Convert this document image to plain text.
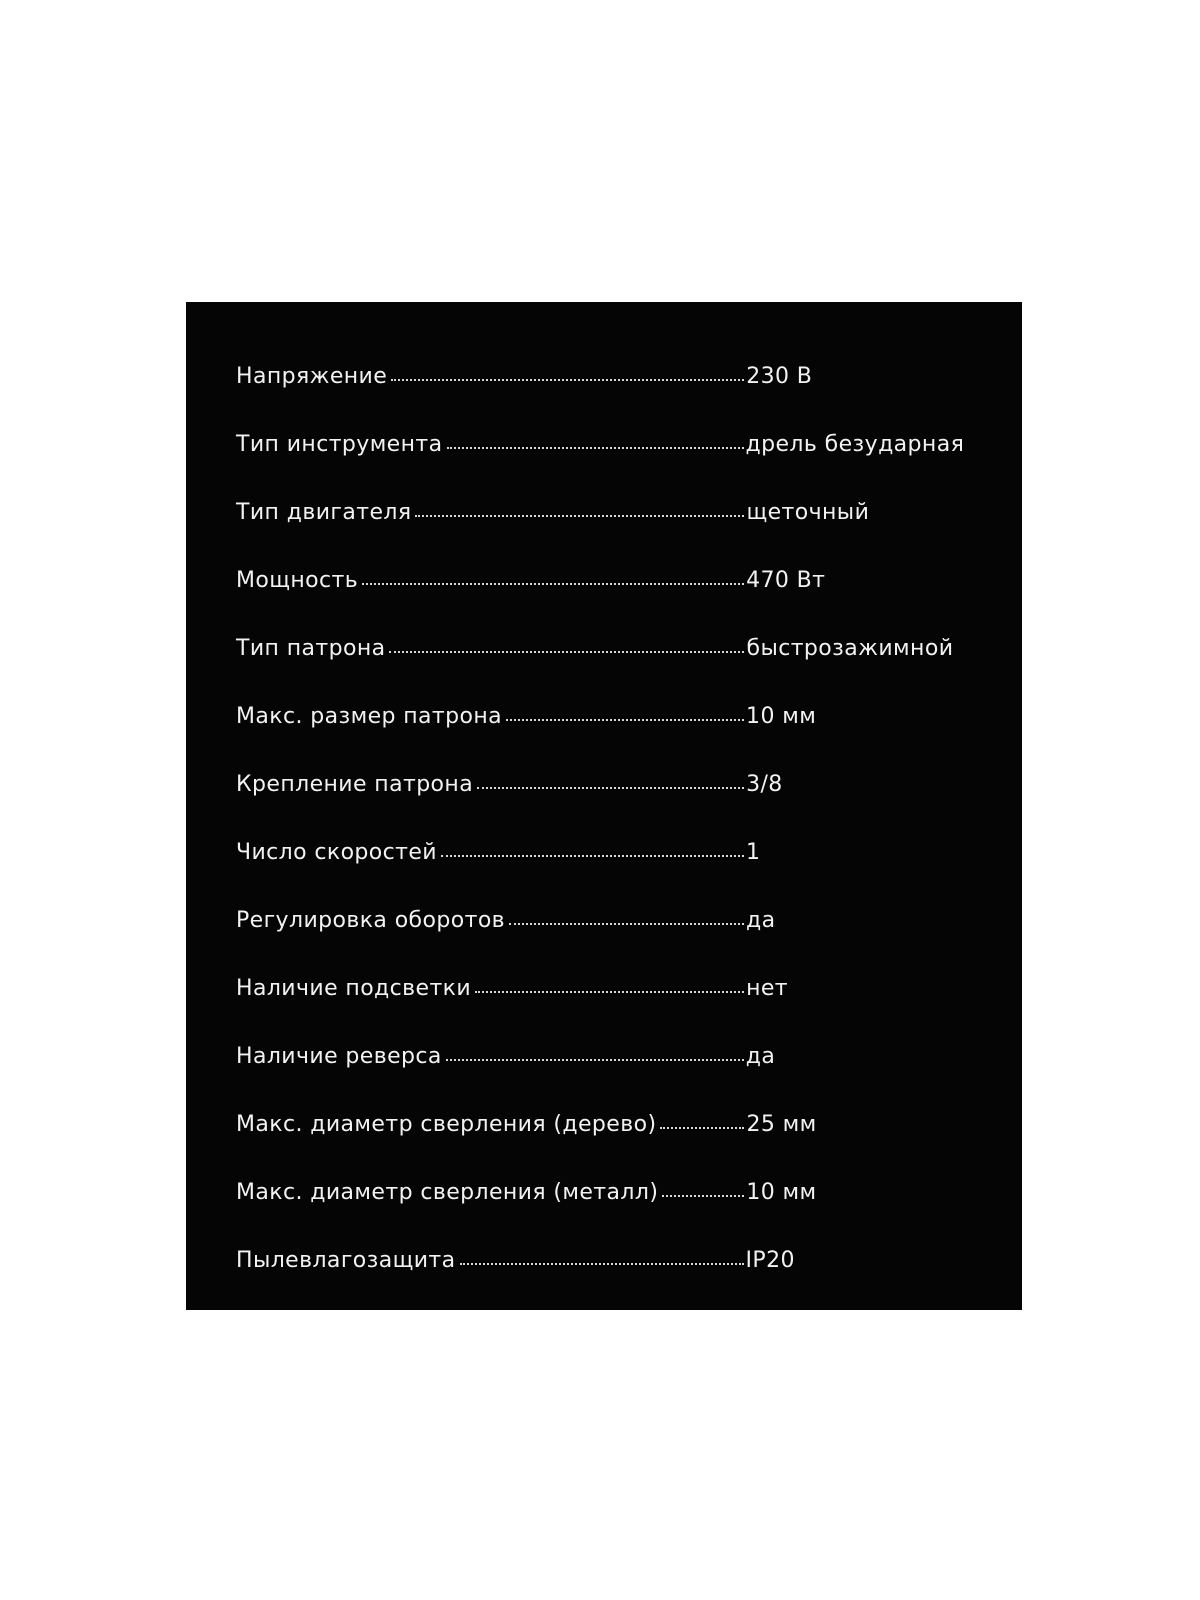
Напряжение	230 В
Тип инструмента	дрель безударная
Тип двигателя	щеточный
Мощность	470 Вт
Тип патрона	быстрозажимной
Макс. размер патрона	10 мм
Крепление патрона	3/8
Число скоростей	1
Регулировка оборотов	да
Наличие подсветки	нет
Наличие реверса	да
Макс. диаметр сверления (дерево)	25 мм
Макс. диаметр сверления (металл)	10 мм
Пылевлагозащита	IP20
